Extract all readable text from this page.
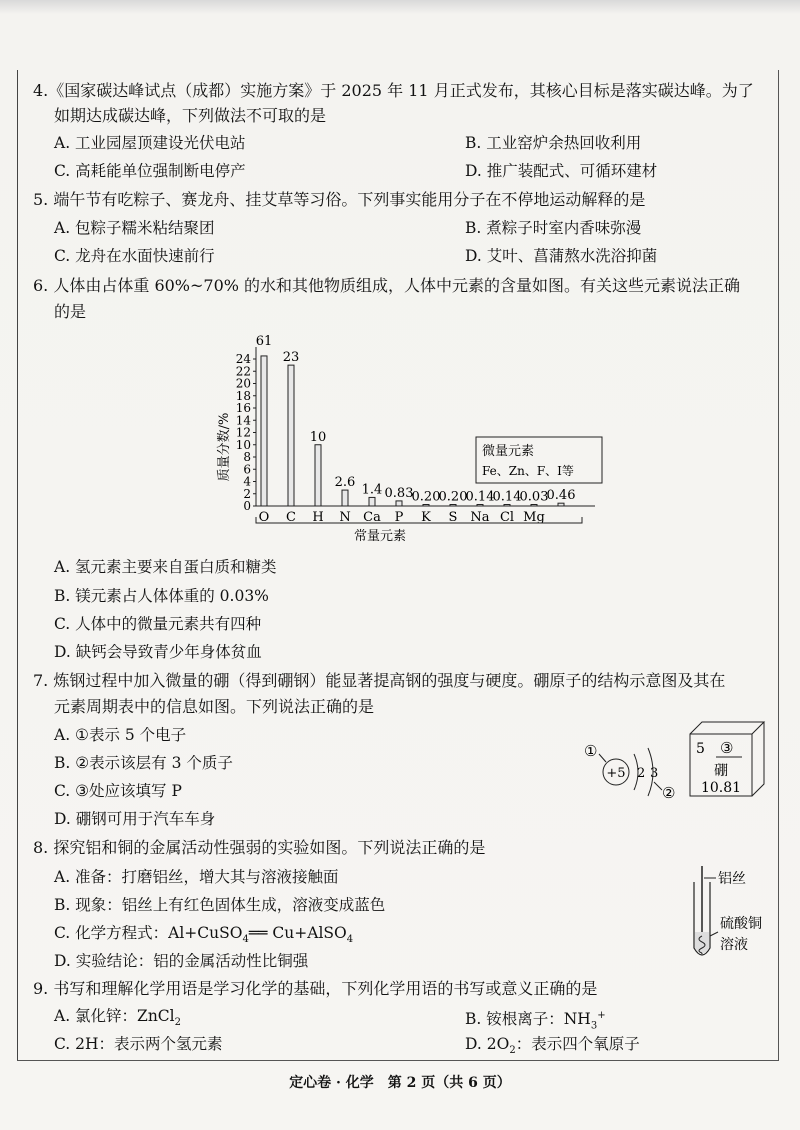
4.《国家碳达峰试点（成都）实施方案》于 2025 年 11 月正式发布，其核心目标是落实碳达峰。为了
如期达成碳达峰，下列做法不可取的是
A. 工业园屋顶建设光伏电站	B. 工业窑炉余热回收利用
C. 高耗能单位强制断电停产	D. 推广装配式、可循环建材
5. 端午节有吃粽子、赛龙舟、挂艾草等习俗。下列事实能用分子在不停地运动解释的是
A. 包粽子糯米粘结聚团	B. 煮粽子时室内香味弥漫
C. 龙舟在水面快速前行	D. 艾叶、菖蒲熬水洗浴抑菌
6. 人体由占体重 60%~70% 的水和其他物质组成，人体中元素的含量如图。有关这些元素说法正确
的是
质量分数/%
0
2
4
6
8
10
12
14
16
18
20
22
24
O C H N Ca P K S Na Cl Mg
61
23
10
2.6 1.4 0.83
0.20
0.20
0.14
0.14
0.03
0.46
常量元素
微量元素
Fe、Zn、F、I等
A. 氢元素主要来自蛋白质和糖类
B. 镁元素占人体体重的 0.03%
C. 人体中的微量元素共有四种
D. 缺钙会导致青少年身体贫血
7. 炼钢过程中加入微量的硼（得到硼钢）能显著提高钢的强度与硬度。硼原子的结构示意图及其在
元素周期表中的信息如图。下列说法正确的是
A. ①表示 5 个电子
B. ②表示该层有 3 个质子
C. ③处应该填写 P
D. 硼钢可用于汽车车身
①
+5 2 3
②
5 ③
硼
10.81
8. 探究铝和铜的金属活动性强弱的实验如图。下列说法正确的是
A. 准备：打磨铝丝，增大其与溶液接触面
B. 现象：铝丝上有红色固体生成，溶液变成蓝色
C. 化学方程式：Al+CuSO$_4$══ Cu+AlSO$_4$
D. 实验结论：铝的金属活动性比铜强
铝丝
硫酸铜
溶液
9. 书写和理解化学用语是学习化学的基础，下列化学用语的书写或意义正确的是
A. 氯化锌：ZnCl$_2$	B. 铵根离子：$NH_3^+$
C. 2H：表示两个氢元素	D. $2O_2$：表示四个氧原子
定心卷 · 化学　第 2 页（共 6 页）
